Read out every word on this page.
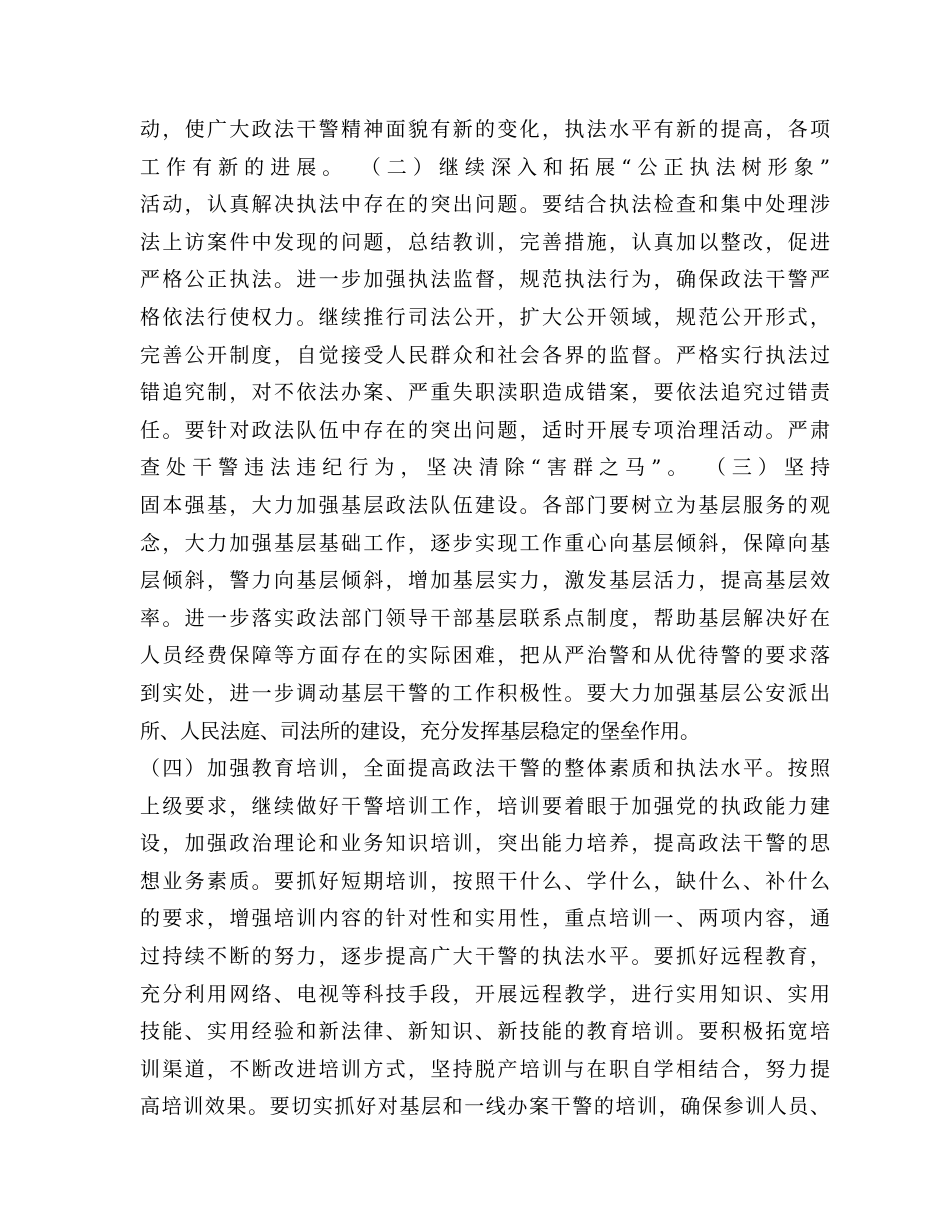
动，使广大政法干警精神面貌有新的变化，执法水平有新的提高，各项
工作有新的进展。 （二）继续深入和拓展“公正执法树形象”
活动，认真解决执法中存在的突出问题。要结合执法检查和集中处理涉
法上访案件中发现的问题，总结教训，完善措施，认真加以整改，促进
严格公正执法。进一步加强执法监督，规范执法行为，确保政法干警严
格依法行使权力。继续推行司法公开，扩大公开领域，规范公开形式，
完善公开制度，自觉接受人民群众和社会各界的监督。严格实行执法过
错追究制，对不依法办案、严重失职渎职造成错案，要依法追究过错责
任。要针对政法队伍中存在的突出问题，适时开展专项治理活动。严肃
查处干警违法违纪行为，坚决清除“害群之马”。 （三）坚持
固本强基，大力加强基层政法队伍建设。各部门要树立为基层服务的观
念，大力加强基层基础工作，逐步实现工作重心向基层倾斜，保障向基
层倾斜，警力向基层倾斜，增加基层实力，激发基层活力，提高基层效
率。进一步落实政法部门领导干部基层联系点制度，帮助基层解决好在
人员经费保障等方面存在的实际困难，把从严治警和从优待警的要求落
到实处，进一步调动基层干警的工作积极性。要大力加强基层公安派出
所、人民法庭、司法所的建设，充分发挥基层稳定的堡垒作用。
（四）加强教育培训，全面提高政法干警的整体素质和执法水平。按照
上级要求，继续做好干警培训工作，培训要着眼于加强党的执政能力建
设，加强政治理论和业务知识培训，突出能力培养，提高政法干警的思
想业务素质。要抓好短期培训，按照干什么、学什么，缺什么、补什么
的要求，增强培训内容的针对性和实用性，重点培训一、两项内容，通
过持续不断的努力，逐步提高广大干警的执法水平。要抓好远程教育，
充分利用网络、电视等科技手段，开展远程教学，进行实用知识、实用
技能、实用经验和新法律、新知识、新技能的教育培训。要积极拓宽培
训渠道，不断改进培训方式，坚持脱产培训与在职自学相结合，努力提
高培训效果。要切实抓好对基层和一线办案干警的培训，确保参训人员、
